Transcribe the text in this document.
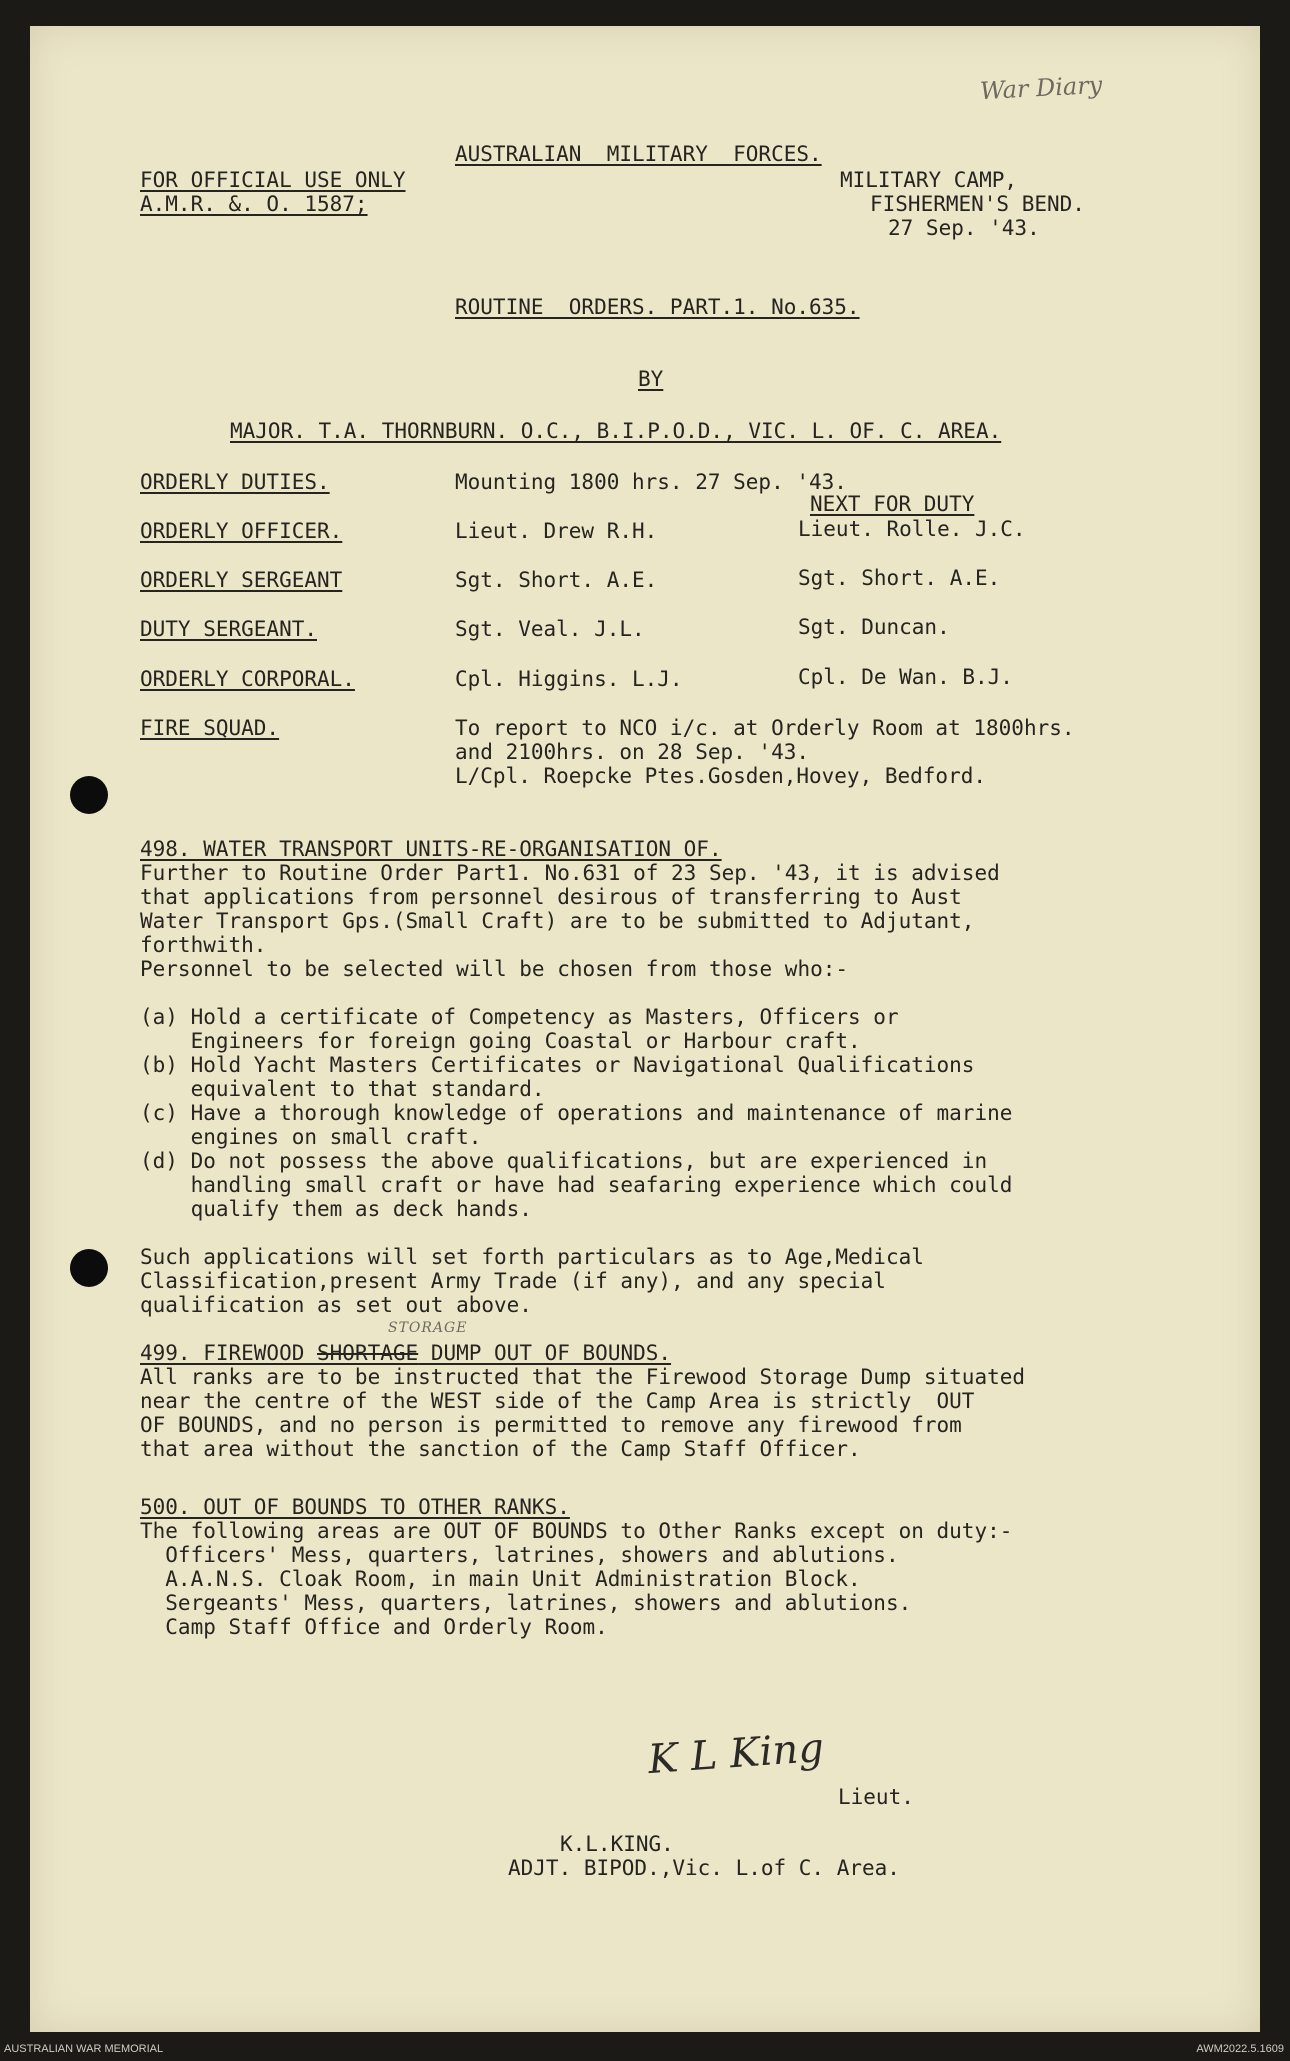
War Diary
AUSTRALIAN  MILITARY  FORCES.
FOR OFFICIAL USE ONLY
A.M.R. &. O. 1587;
MILITARY CAMP,
FISHERMEN'S BEND.
27 Sep. '43.
ROUTINE  ORDERS. PART.1. No.635.
BY
MAJOR. T.A. THORNBURN. O.C., B.I.P.O.D., VIC. L. OF. C. AREA.
ORDERLY DUTIES.	Mounting 1800 hrs. 27 Sep. '43.
NEXT FOR DUTY
ORDERLY OFFICER.	Lieut. Drew R.H.	Lieut. Rolle. J.C.
ORDERLY SERGEANT	Sgt. Short. A.E.	Sgt. Short. A.E.
DUTY SERGEANT.	Sgt. Veal. J.L.	Sgt. Duncan.
ORDERLY CORPORAL.	Cpl. Higgins. L.J.	Cpl. De Wan. B.J.
FIRE SQUAD.	To report to NCO i/c. at Orderly Room at 1800hrs.
and 2100hrs. on 28 Sep. '43.
L/Cpl. Roepcke Ptes.Gosden,Hovey, Bedford.
498. WATER TRANSPORT UNITS-RE-ORGANISATION OF.
Further to Routine Order Part1. No.631 of 23 Sep. '43, it is advised
that applications from personnel desirous of transferring to Aust
Water Transport Gps.(Small Craft) are to be submitted to Adjutant,
forthwith.
Personnel to be selected will be chosen from those who:-
(a) Hold a certificate of Competency as Masters, Officers or
Engineers for foreign going Coastal or Harbour craft.
(b) Hold Yacht Masters Certificates or Navigational Qualifications
equivalent to that standard.
(c) Have a thorough knowledge of operations and maintenance of marine
engines on small craft.
(d) Do not possess the above qualifications, but are experienced in
handling small craft or have had seafaring experience which could
qualify them as deck hands.
Such applications will set forth particulars as to Age,Medical
Classification,present Army Trade (if any), and any special
qualification as set out above.
STORAGE
499. FIREWOOD SHORTAGE DUMP OUT OF BOUNDS.
All ranks are to be instructed that the Firewood Storage Dump situated
near the centre of the WEST side of the Camp Area is strictly  OUT
OF BOUNDS, and no person is permitted to remove any firewood from
that area without the sanction of the Camp Staff Officer.
500. OUT OF BOUNDS TO OTHER RANKS.
The following areas are OUT OF BOUNDS to Other Ranks except on duty:-
Officers' Mess, quarters, latrines, showers and ablutions.
A.A.N.S. Cloak Room, in main Unit Administration Block.
Sergeants' Mess, quarters, latrines, showers and ablutions.
Camp Staff Office and Orderly Room.
K L King
Lieut.
K.L.KING.
ADJT. BIPOD.,Vic. L.of C. Area.
AUSTRALIAN WAR MEMORIAL	AWM2022.5.1609
